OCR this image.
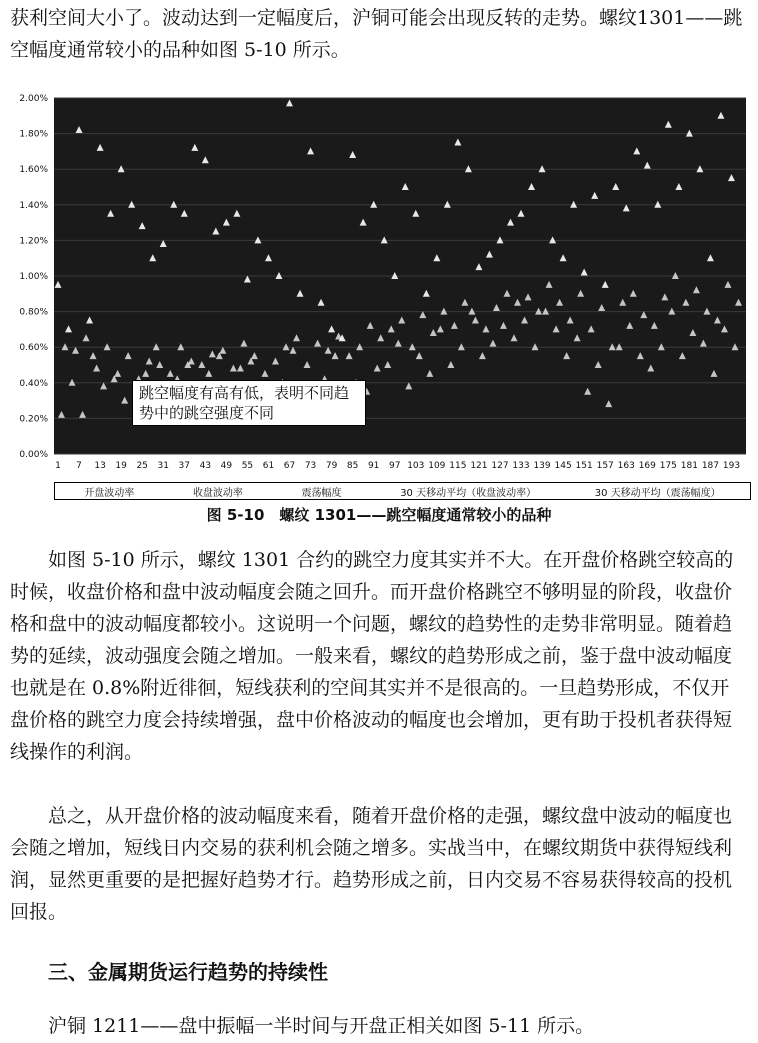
获利空间大小了。波动达到一定幅度后，沪铜可能会出现反转的走势。螺纹1301——跳空幅度通常较小的品种如图 5-10 所示。

0.00%
0.20%
0.40%
0.60%
0.80%
1.00%
1.20%
1.40%
1.60%
1.80%
2.00%
1 7 13 19 25 31 37 43 49 55 61 67 73 79 85 91 97 103 109 115 121 127 133 139 145 151 157 163 169 175 181 187 193
跳空幅度有高有低，表明不同趋势中的跳空强度不同
开盘波动率	收盘波动率	震荡幅度	30 天移动平均（收盘波动率）	30 天移动平均（震荡幅度）
图 5-10　螺纹 1301——跳空幅度通常较小的品种

如图 5-10 所示，螺纹 1301 合约的跳空力度其实并不大。在开盘价格跳空较高的时候，收盘价格和盘中波动幅度会随之回升。而开盘价格跳空不够明显的阶段，收盘价格和盘中的波动幅度都较小。这说明一个问题，螺纹的趋势性的走势非常明显。随着趋势的延续，波动强度会随之增加。一般来看，螺纹的趋势形成之前，鉴于盘中波动幅度也就是在 0.8%附近徘徊，短线获利的空间其实并不是很高的。一旦趋势形成，不仅开盘价格的跳空力度会持续增强，盘中价格波动的幅度也会增加，更有助于投机者获得短线操作的利润。

总之，从开盘价格的波动幅度来看，随着开盘价格的走强，螺纹盘中波动的幅度也会随之增加，短线日内交易的获利机会随之增多。实战当中，在螺纹期货中获得短线利润，显然更重要的是把握好趋势才行。趋势形成之前，日内交易不容易获得较高的投机回报。

三、金属期货运行趋势的持续性

沪铜 1211——盘中振幅一半时间与开盘正相关如图 5-11 所示。
